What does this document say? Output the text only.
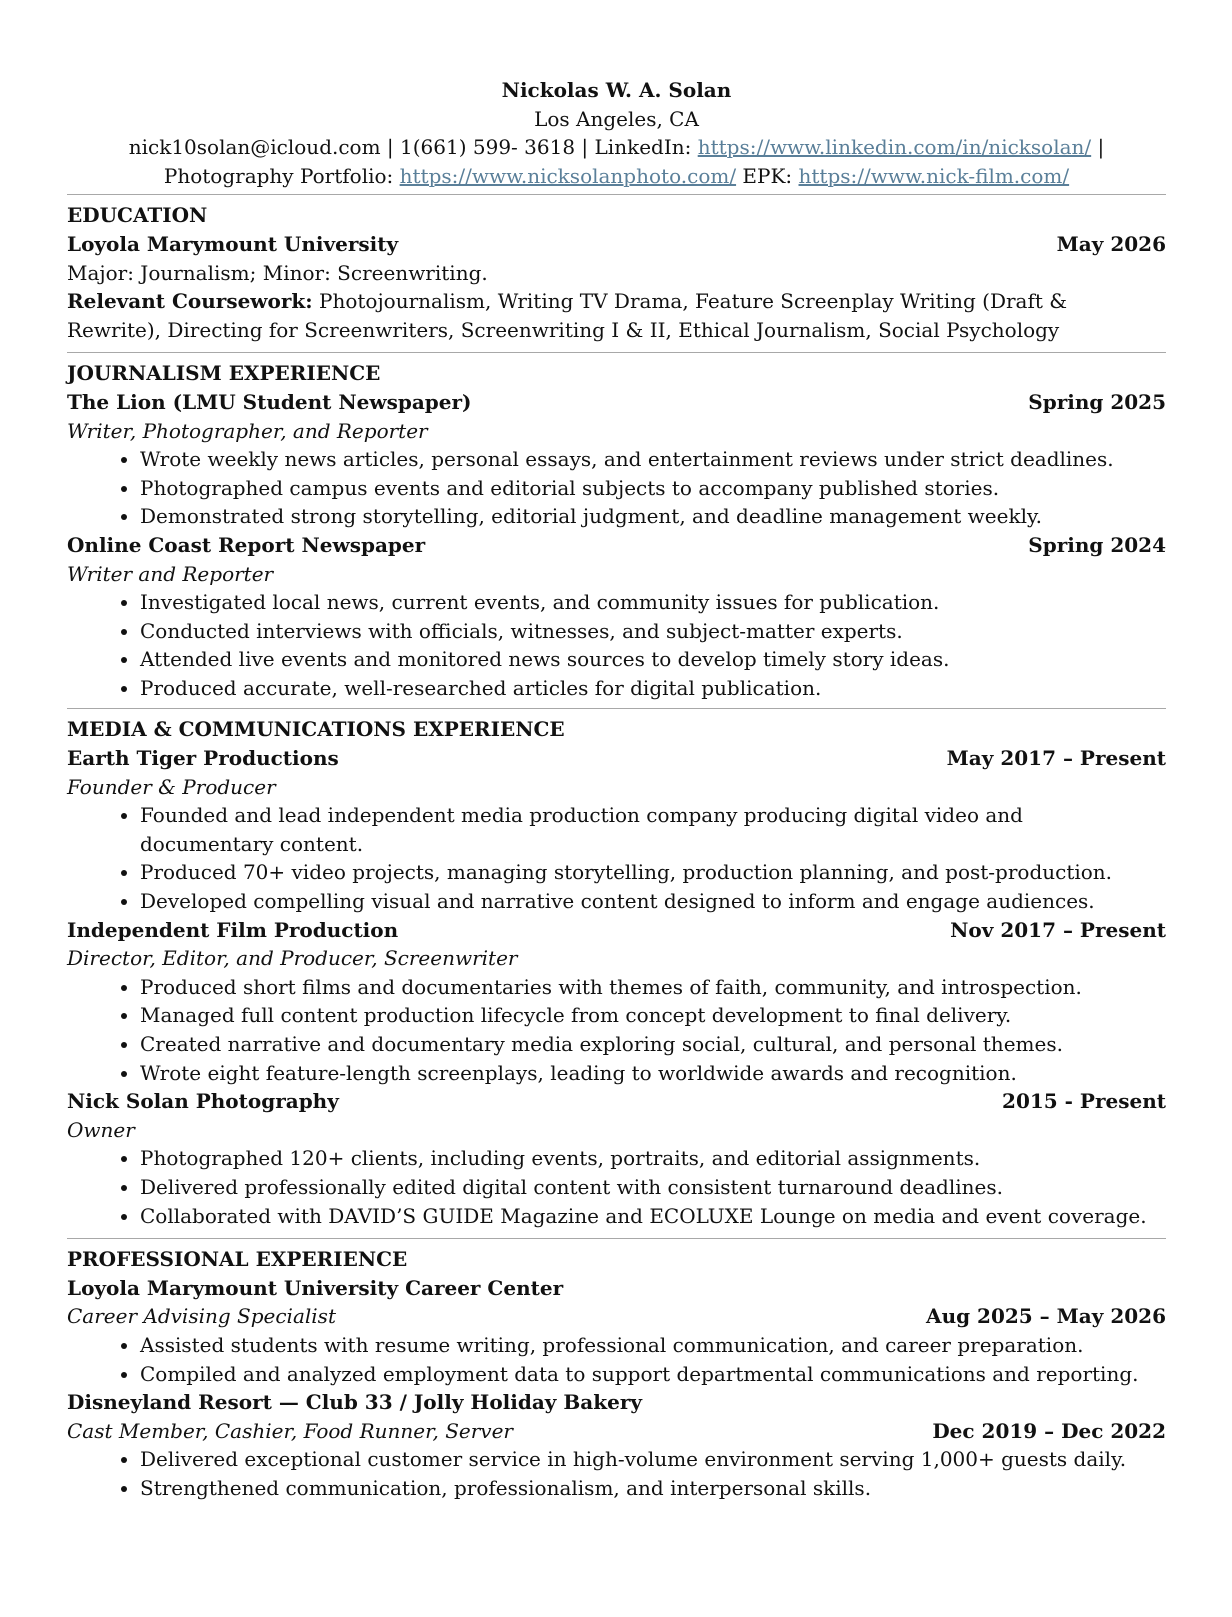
Nickolas W. A. Solan
Los Angeles, CA
nick10solan@icloud.com | 1(661) 599- 3618 | LinkedIn: https://www.linkedin.com/in/nicksolan/ |
Photography Portfolio: https://www.nicksolanphoto.com/ EPK: https://www.nick-film.com/
EDUCATION
Loyola Marymount University	May 2026
Major: Journalism; Minor: Screenwriting.
Relevant Coursework: Photojournalism, Writing TV Drama, Feature Screenplay Writing (Draft & Rewrite), Directing for Screenwriters, Screenwriting I & II, Ethical Journalism, Social Psychology
JOURNALISM EXPERIENCE
The Lion (LMU Student Newspaper)	Spring 2025
Writer, Photographer, and Reporter
• Wrote weekly news articles, personal essays, and entertainment reviews under strict deadlines.
• Photographed campus events and editorial subjects to accompany published stories.
• Demonstrated strong storytelling, editorial judgment, and deadline management weekly.
Online Coast Report Newspaper	Spring 2024
Writer and Reporter
• Investigated local news, current events, and community issues for publication.
• Conducted interviews with officials, witnesses, and subject-matter experts.
• Attended live events and monitored news sources to develop timely story ideas.
• Produced accurate, well-researched articles for digital publication.
MEDIA & COMMUNICATIONS EXPERIENCE
Earth Tiger Productions	May 2017 – Present
Founder & Producer
• Founded and lead independent media production company producing digital video and documentary content.
• Produced 70+ video projects, managing storytelling, production planning, and post-production.
• Developed compelling visual and narrative content designed to inform and engage audiences.
Independent Film Production	Nov 2017 – Present
Director, Editor, and Producer, Screenwriter
• Produced short films and documentaries with themes of faith, community, and introspection.
• Managed full content production lifecycle from concept development to final delivery.
• Created narrative and documentary media exploring social, cultural, and personal themes.
• Wrote eight feature-length screenplays, leading to worldwide awards and recognition.
Nick Solan Photography	2015 - Present
Owner
• Photographed 120+ clients, including events, portraits, and editorial assignments.
• Delivered professionally edited digital content with consistent turnaround deadlines.
• Collaborated with DAVID’S GUIDE Magazine and ECOLUXE Lounge on media and event coverage.
PROFESSIONAL EXPERIENCE
Loyola Marymount University Career Center
Career Advising Specialist	Aug 2025 – May 2026
• Assisted students with resume writing, professional communication, and career preparation.
• Compiled and analyzed employment data to support departmental communications and reporting.
Disneyland Resort — Club 33 / Jolly Holiday Bakery
Cast Member, Cashier, Food Runner, Server	Dec 2019 – Dec 2022
• Delivered exceptional customer service in high-volume environment serving 1,000+ guests daily.
• Strengthened communication, professionalism, and interpersonal skills.
